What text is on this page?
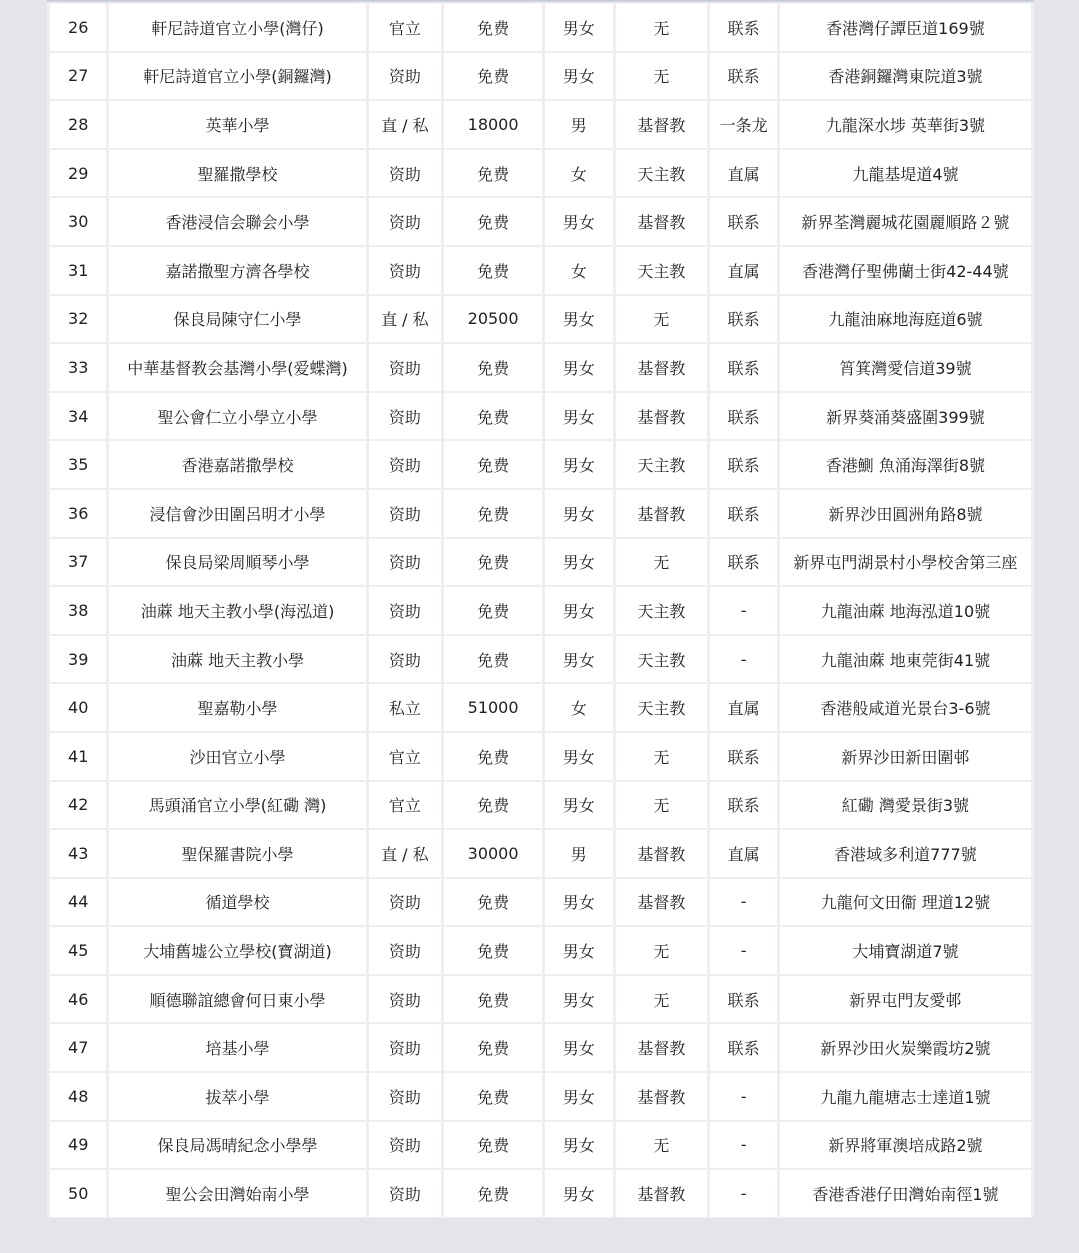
26	軒尼詩道官立小學(灣仔)	官立	免费	男女	无	联系	香港灣仔譚臣道169號
27	軒尼詩道官立小學(銅鑼灣)	资助	免费	男女	无	联系	香港銅鑼灣東院道3號
28	英華小學	直 / 私	18000	男	基督教	一条龙	九龍深水埗 英華街3號
29	聖羅撒學校	资助	免费	女	天主教	直属	九龍基堤道4號
30	香港浸信会聯会小學	资助	免费	男女	基督教	联系	新界荃灣麗城花園麗順路２號
31	嘉諾撒聖方濟各學校	资助	免费	女	天主教	直属	香港灣仔聖佛蘭士街42-44號
32	保良局陳守仁小學	直 / 私	20500	男女	无	联系	九龍油麻地海庭道6號
33	中華基督教会基灣小學(爱蝶灣)	资助	免费	男女	基督教	联系	筲箕灣愛信道39號
34	聖公會仁立小學立小學	资助	免费	男女	基督教	联系	新界葵涌葵盛圍399號
35	香港嘉諾撒學校	资助	免费	男女	天主教	联系	香港鰂 魚涌海澤街8號
36	浸信會沙田圍呂明才小學	资助	免费	男女	基督教	联系	新界沙田圓洲角路8號
37	保良局梁周順琴小學	资助	免费	男女	无	联系	新界屯門湖景村小學校舍第三座
38	油蔴 地天主教小學(海泓道)	资助	免费	男女	天主教	-	九龍油蔴 地海泓道10號
39	油蔴 地天主教小學	资助	免费	男女	天主教	-	九龍油蔴 地東莞街41號
40	聖嘉勒小學	私立	51000	女	天主教	直属	香港般咸道光景台3-6號
41	沙田官立小學	官立	免费	男女	无	联系	新界沙田新田圍邨
42	馬頭涌官立小學(紅磡 灣)	官立	免费	男女	无	联系	紅磡 灣愛景街3號
43	聖保羅書院小學	直 / 私	30000	男	基督教	直属	香港域多利道777號
44	循道學校	资助	免费	男女	基督教	-	九龍何文田衞 理道12號
45	大埔舊墟公立學校(寶湖道)	资助	免费	男女	无	-	大埔寶湖道7號
46	順德聯誼總會何日東小學	资助	免费	男女	无	联系	新界屯門友愛邨
47	培基小學	资助	免费	男女	基督教	联系	新界沙田火炭樂霞坊2號
48	拔萃小學	资助	免费	男女	基督教	-	九龍九龍塘志士達道1號
49	保良局馮晴紀念小學學	资助	免费	男女	无	-	新界將軍澳培成路2號
50	聖公会田灣始南小學	资助	免费	男女	基督教	-	香港香港仔田灣始南徑1號
